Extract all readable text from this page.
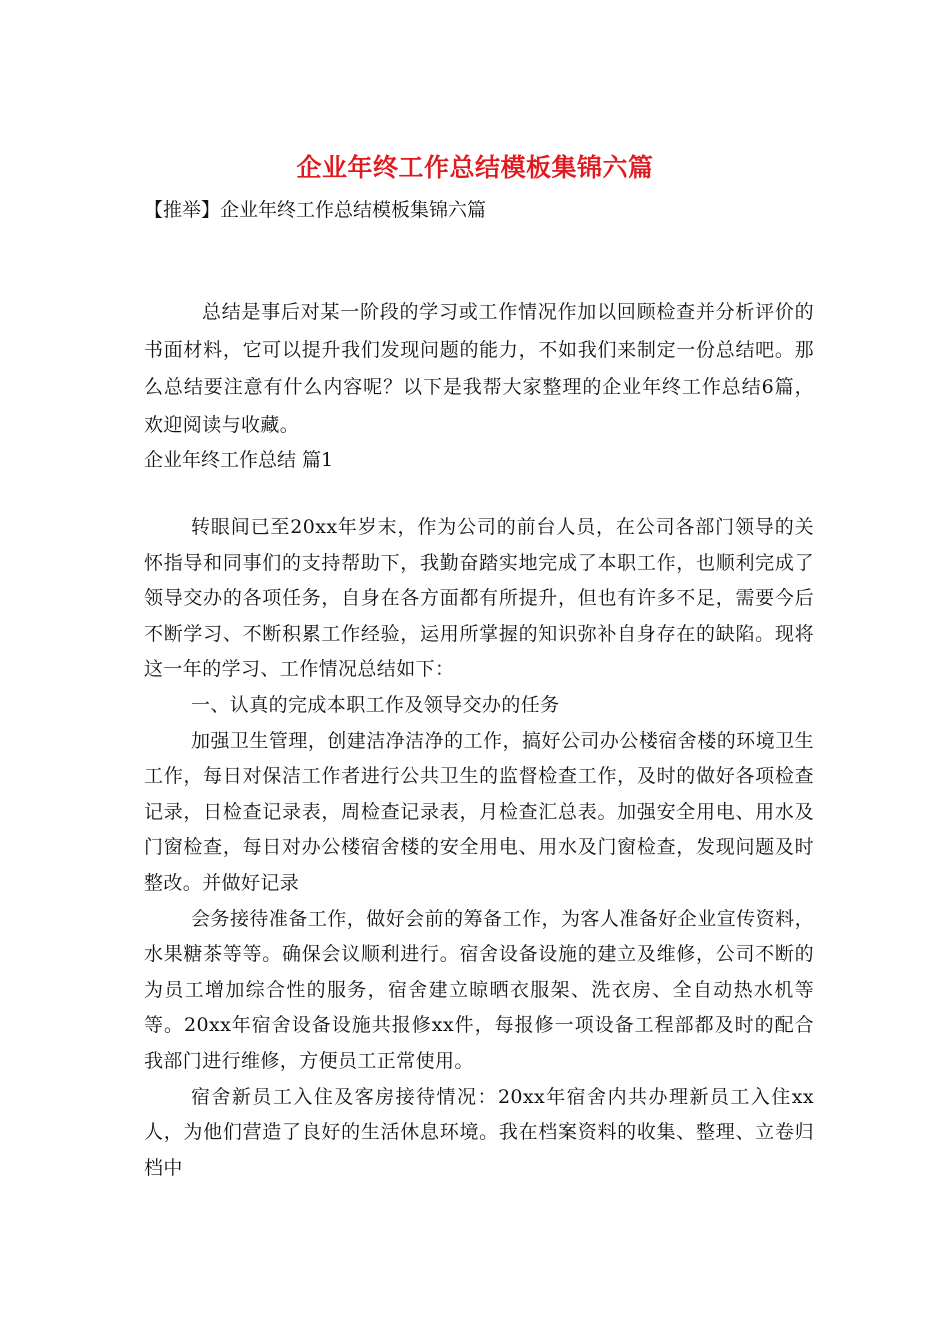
企业年终工作总结模板集锦六篇
【推举】企业年终工作总结模板集锦六篇
总结是事后对某一阶段的学习或工作情况作加以回顾检查并分析评价的书面材料，它可以提升我们发现问题的能力，不如我们来制定一份总结吧。那么总结要注意有什么内容呢？以下是我帮大家整理的企业年终工作总结6篇，欢迎阅读与收藏。
企业年终工作总结 篇1

转眼间已至20xx年岁末，作为公司的前台人员，在公司各部门领导的关怀指导和同事们的支持帮助下，我勤奋踏实地完成了本职工作，也顺利完成了领导交办的各项任务，自身在各方面都有所提升，但也有许多不足，需要今后不断学习、不断积累工作经验，运用所掌握的知识弥补自身存在的缺陷。现将这一年的学习、工作情况总结如下：

一、认真的完成本职工作及领导交办的任务

加强卫生管理，创建洁净洁净的工作，搞好公司办公楼宿舍楼的环境卫生工作，每日对保洁工作者进行公共卫生的监督检查工作，及时的做好各项检查记录，日检查记录表，周检查记录表，月检查汇总表。加强安全用电、用水及门窗检查，每日对办公楼宿舍楼的安全用电、用水及门窗检查，发现问题及时整改。并做好记录

会务接待准备工作，做好会前的筹备工作，为客人准备好企业宣传资料，水果糖茶等等。确保会议顺利进行。宿舍设备设施的建立及维修，公司不断的为员工增加综合性的服务，宿舍建立晾晒衣服架、洗衣房、全自动热水机等等。20xx年宿舍设备设施共报修xx件，每报修一项设备工程部都及时的配合我部门进行维修，方便员工正常使用。

宿舍新员工入住及客房接待情况：20xx年宿舍内共办理新员工入住xx人，为他们营造了良好的生活休息环境。我在档案资料的收集、整理、立卷归档中
